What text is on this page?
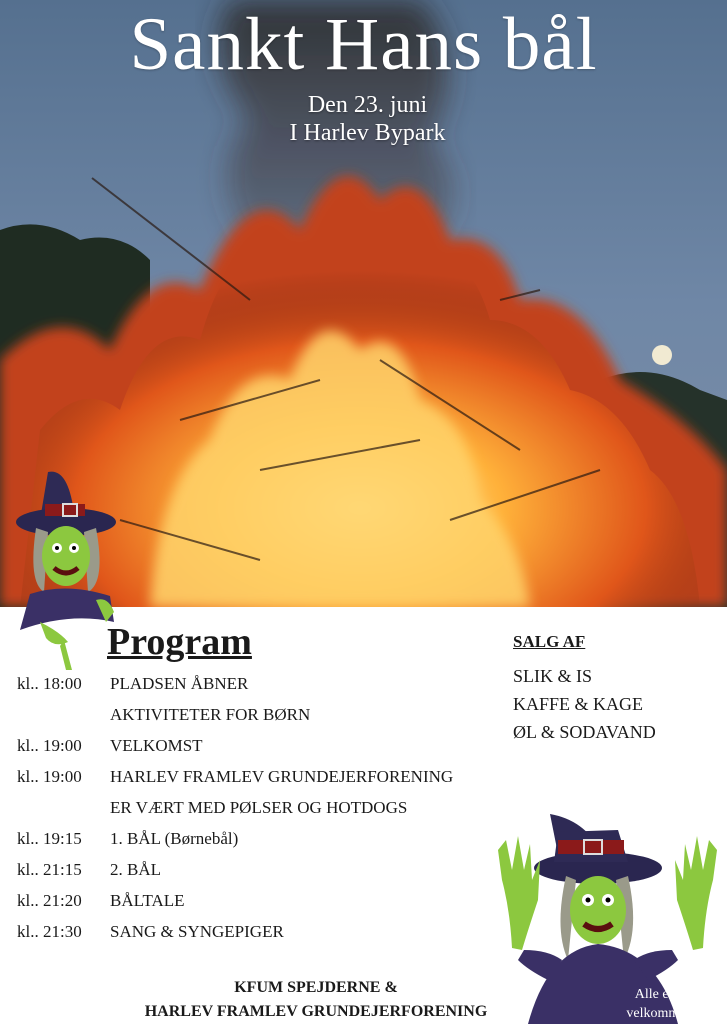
Sankt Hans bål
Den 23. juni
I Harlev Bypark
Program
kl.. 18:00 PLADSEN ÅBNER
AKTIVITETER FOR BØRN
kl.. 19:00 VELKOMST
kl.. 19:00 HARLEV FRAMLEV GRUNDEJERFORENING
ER VÆRT MED PØLSER OG HOTDOGS
kl.. 19:15 1. BÅL (Børnebål)
kl.. 21:15 2. BÅL
kl.. 21:20 BÅLTALE
kl.. 21:30 SANG & SYNGEPIGER
SALG AF
SLIK & IS
KAFFE & KAGE
ØL & SODAVAND
KFUM SPEJDERNE &
HARLEV FRAMLEV GRUNDEJERFORENING
Alle er
velkomne
